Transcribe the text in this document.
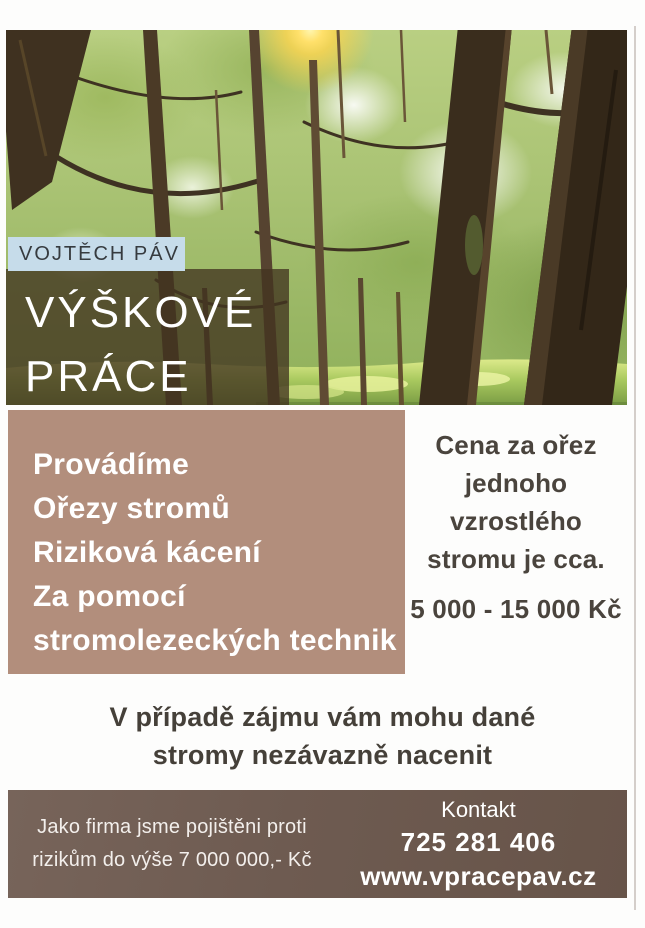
VOJTĚCH PÁV
VÝŠKOVÉ
PRÁCE
Provádíme
Ořezy stromů
Riziková kácení
Za pomocí
stromolezeckých technik
Cena za ořez
jednoho
vzrostlého
stromu je cca.
5 000 - 15 000 Kč
V případě zájmu vám mohu dané
stromy nezávazně nacenit
Jako firma jsme pojištěni proti
rizikům do výše 7 000 000,- Kč
Kontakt
725 281 406
www.vpracepav.cz
